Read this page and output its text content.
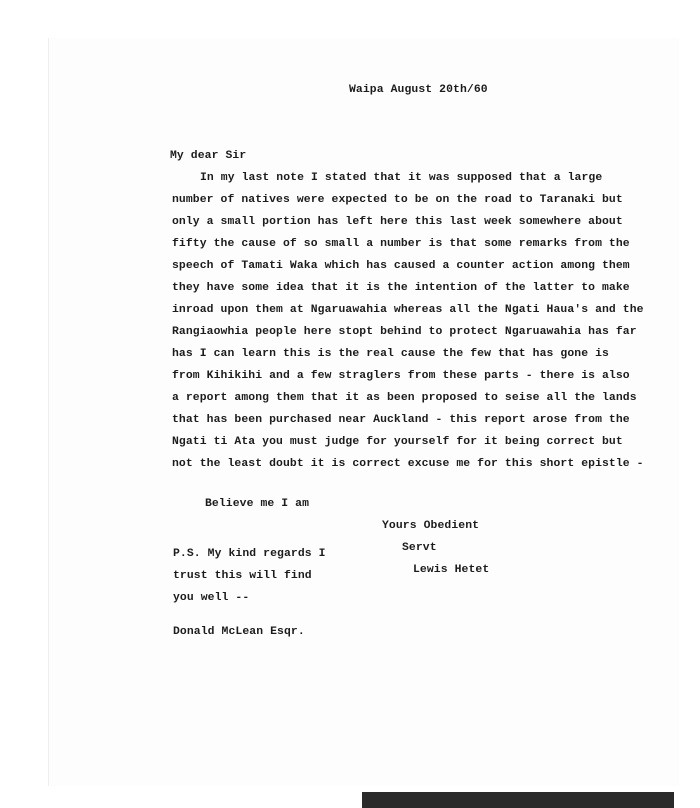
Waipa August 20th/60
My dear Sir
In my last note I stated that it was supposed that a large
number of natives were expected to be on the road to Taranaki but
only a small portion has left here this last week somewhere about
fifty the cause of so small a number is that some remarks from the
speech of Tamati Waka which has caused a counter action among them
they have some idea that it is the intention of the latter to make
inroad upon them at Ngaruawahia whereas all the Ngati Haua's and the
Rangiaowhia people here stopt behind to protect Ngaruawahia has far
has I can learn this is the real cause the few that has gone is
from Kihikihi and a few straglers from these parts - there is also
a report among them that it as been proposed to seise all the lands
that has been purchased near Auckland - this report arose from the
Ngati ti Ata you must judge for yourself for it being correct but
not the least doubt it is correct excuse me for this short epistle -
Believe me I am
Yours Obedient
Servt
Lewis Hetet
P.S. My kind regards I
trust this will find
you well --
Donald McLean Esqr.
